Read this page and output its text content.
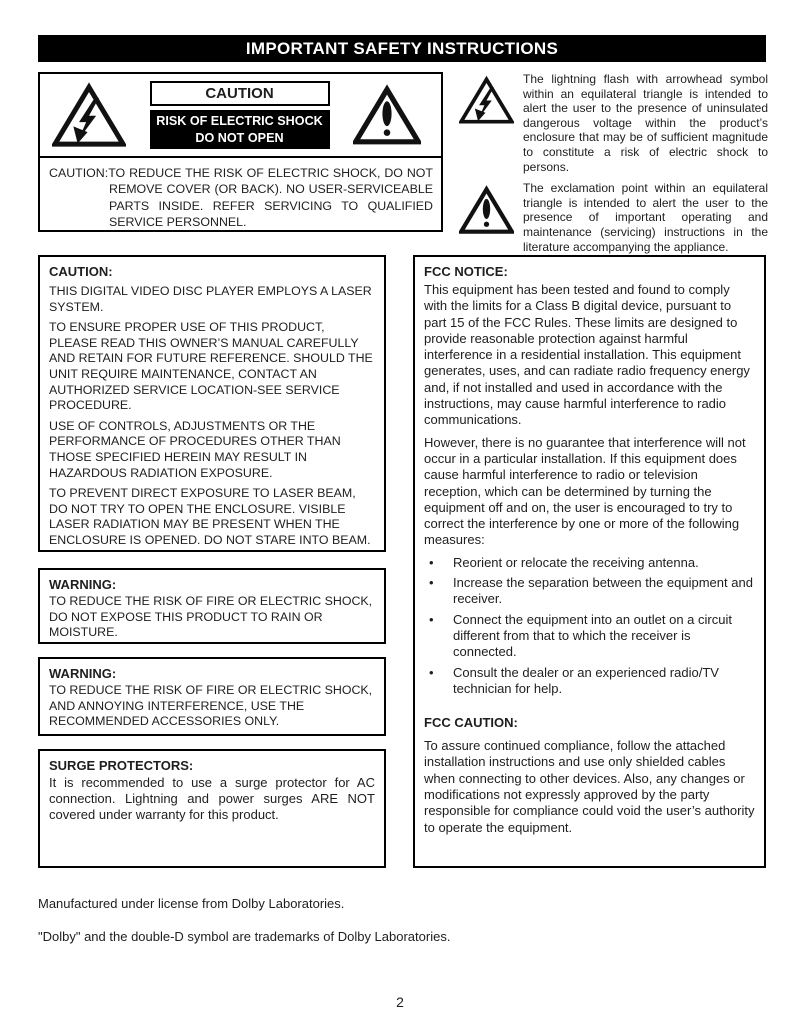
IMPORTANT SAFETY INSTRUCTIONS
CAUTION
RISK OF ELECTRIC SHOCK
DO NOT OPEN
CAUTION:TO REDUCE THE RISK OF ELECTRIC SHOCK, DO NOT REMOVE COVER (OR BACK). NO USER-SERVICEABLE PARTS INSIDE. REFER SERVICING TO QUALIFIED SERVICE PERSONNEL.
The lightning flash with arrowhead symbol within an equilateral triangle is intended to alert the user to the presence of uninsulated dangerous voltage within the product’s enclosure that may be of sufficient magnitude to constitute a risk of electric shock to persons.
The exclamation point within an equilateral triangle is intended to alert the user to the presence of important operating and maintenance (servicing) instructions in the literature accompanying the appliance.
CAUTION:

THIS DIGITAL VIDEO DISC PLAYER EMPLOYS A LASER SYSTEM.

TO ENSURE PROPER USE OF THIS PRODUCT, PLEASE READ THIS OWNER’S MANUAL CAREFULLY AND RETAIN FOR FUTURE REFERENCE. SHOULD THE UNIT REQUIRE MAINTENANCE, CONTACT AN AUTHORIZED SERVICE LOCATION-SEE SERVICE PROCEDURE.

USE OF CONTROLS, ADJUSTMENTS OR THE PERFORMANCE OF PROCEDURES OTHER THAN THOSE SPECIFIED HEREIN MAY RESULT IN HAZARDOUS RADIATION EXPOSURE.

TO PREVENT DIRECT EXPOSURE TO LASER BEAM, DO NOT TRY TO OPEN THE ENCLOSURE. VISIBLE LASER RADIATION MAY BE PRESENT WHEN THE ENCLOSURE IS OPENED. DO NOT STARE INTO BEAM.

WARNING:
TO REDUCE THE RISK OF FIRE OR ELECTRIC SHOCK, DO NOT EXPOSE THIS PRODUCT TO RAIN OR MOISTURE.
WARNING:
TO REDUCE THE RISK OF FIRE OR ELECTRIC SHOCK, AND ANNOYING INTERFERENCE, USE THE RECOMMENDED ACCESSORIES ONLY.
SURGE PROTECTORS:
It is recommended to use a surge protector for AC connection. Lightning and power surges ARE NOT covered under warranty for this product.
FCC NOTICE:

This equipment has been tested and found to comply with the limits for a Class B digital device, pursuant to part 15 of the FCC Rules. These limits are designed to provide reasonable protection against harmful interference in a residential installation. This equipment generates, uses, and can radiate radio frequency energy and, if not installed and used in accordance with the instructions, may cause harmful interference to radio communications.

However, there is no guarantee that interference will not occur in a particular installation. If this equipment does cause harmful interference to radio or television reception, which can be determined by turning the equipment off and on, the user is encouraged to try to correct the interference by one or more of the following measures:

•	Reorient or relocate the receiving antenna.
•	Increase the separation between the equipment and receiver.
•	Connect the equipment into an outlet on a circuit different from that to which the receiver is connected.
•	Consult the dealer or an experienced radio/TV technician for help.
FCC CAUTION:
To assure continued compliance, follow the attached installation instructions and use only shielded cables when connecting to other devices. Also, any changes or modifications not expressly approved by the party responsible for compliance could void the user’s authority to operate the equipment.
Manufactured under license from Dolby Laboratories.
"Dolby" and the double-D symbol are trademarks of Dolby Laboratories.
2
